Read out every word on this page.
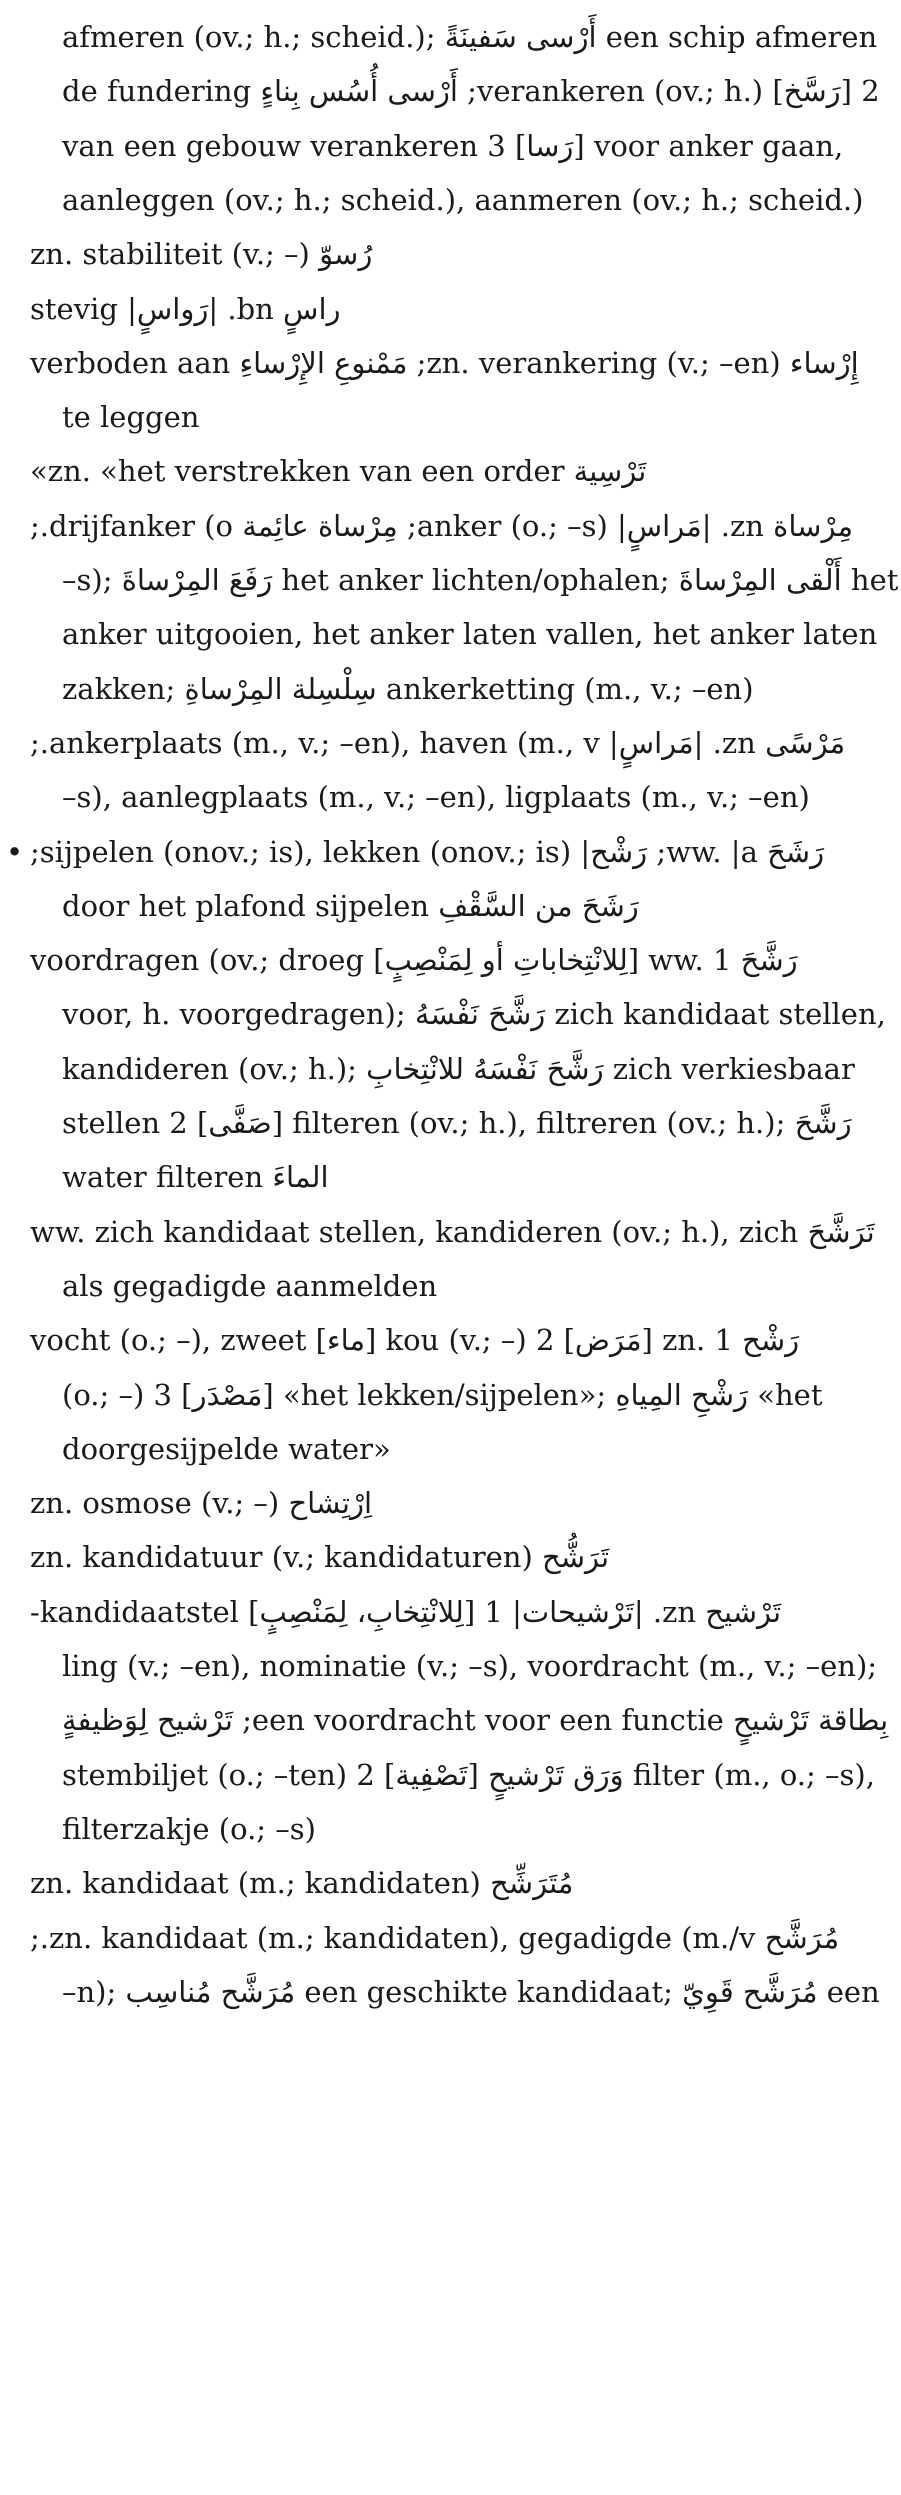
afmeren (ov.; h.; scheid.); أَرْسى سَفينَةً een schip afmeren
2 [رَسَّخ] verankeren (ov.; h.); أَرْسى أُسُس بِناءٍ de fundering
van een gebouw verankeren 3 [رَسا] voor anker gaan,
aanleggen (ov.; h.; scheid.), aanmeren (ov.; h.; scheid.)
رُسوّ zn. stabiliteit (v.; –)
راسٍ bn. |رَواسٍ| stevig
إِرْساء zn. verankering (v.; –en); مَمْنوعِ الإِرْساءِ verboden aan
te leggen
تَرْسِية zn. «het verstrekken van een order»
مِرْساة zn. |مَراسٍ| anker (o.; –s); مِرْساة عائِمة drijfanker (o.;
–s); رَفَعَ المِرْساةَ het anker lichten/ophalen; أَلْقى المِرْساةَ het
anker uitgooien, het anker laten vallen, het anker laten
zakken; سِلْسِلة المِرْساةِ ankerketting (m., v.; –en)
مَرْسًى zn. |مَراسٍ| ankerplaats (m., v.; –en), haven (m., v.;
–s), aanlegplaats (m., v.; –en), ligplaats (m., v.; –en)
• رَشَحَ ww. |a; رَشْح| sijpelen (onov.; is), lekken (onov.; is);
رَشَحَ من السَّقْفِ door het plafond sijpelen
رَشَّحَ ww. 1 [لِلانْتِخاباتِ أو لِمَنْصِبٍ] voordragen (ov.; droeg
voor, h. voorgedragen); رَشَّحَ نَفْسَهُ zich kandidaat stellen,
kandideren (ov.; h.); رَشَّحَ نَفْسَهُ للانْتِخابِ zich verkiesbaar
stellen 2 [صَفَّى] filteren (ov.; h.), filtreren (ov.; h.); رَشَّحَ
الماءَ water filteren
تَرَشَّحَ ww. zich kandidaat stellen, kandideren (ov.; h.), zich
als gegadigde aanmelden
رَشْح zn. 1 [مَرَض] kou (v.; –) 2 [ماء] vocht (o.; –), zweet
(o.; –) 3 [مَصْدَر] «het lekken/sijpelen»; رَشْحِ المِياهِ «het
doorgesijpelde water»
اِرْتِشاح zn. osmose (v.; –)
تَرَشُّح zn. kandidatuur (v.; kandidaturen)
تَرْشيح zn. |تَرْشيحات| 1 [لِلانْتِخابِ، لِمَنْصِبٍ] kandidaatstel-
ling (v.; –en), nominatie (v.; –s), voordracht (m., v.; –en);
بِطاقة تَرْشيحٍ een voordracht voor een functie; تَرْشيح لِوَظيفةٍ
stembiljet (o.; –ten) 2 [تَصْفِية] وَرَق تَرْشيحٍ filter (m., o.; –s),
filterzakje (o.; –s)
مُتَرَشِّح zn. kandidaat (m.; kandidaten)
مُرَشَّح zn. kandidaat (m.; kandidaten), gegadigde (m./v.;
–n); مُرَشَّح مُناسِب een geschikte kandidaat; مُرَشَّح قَوِيّ een
